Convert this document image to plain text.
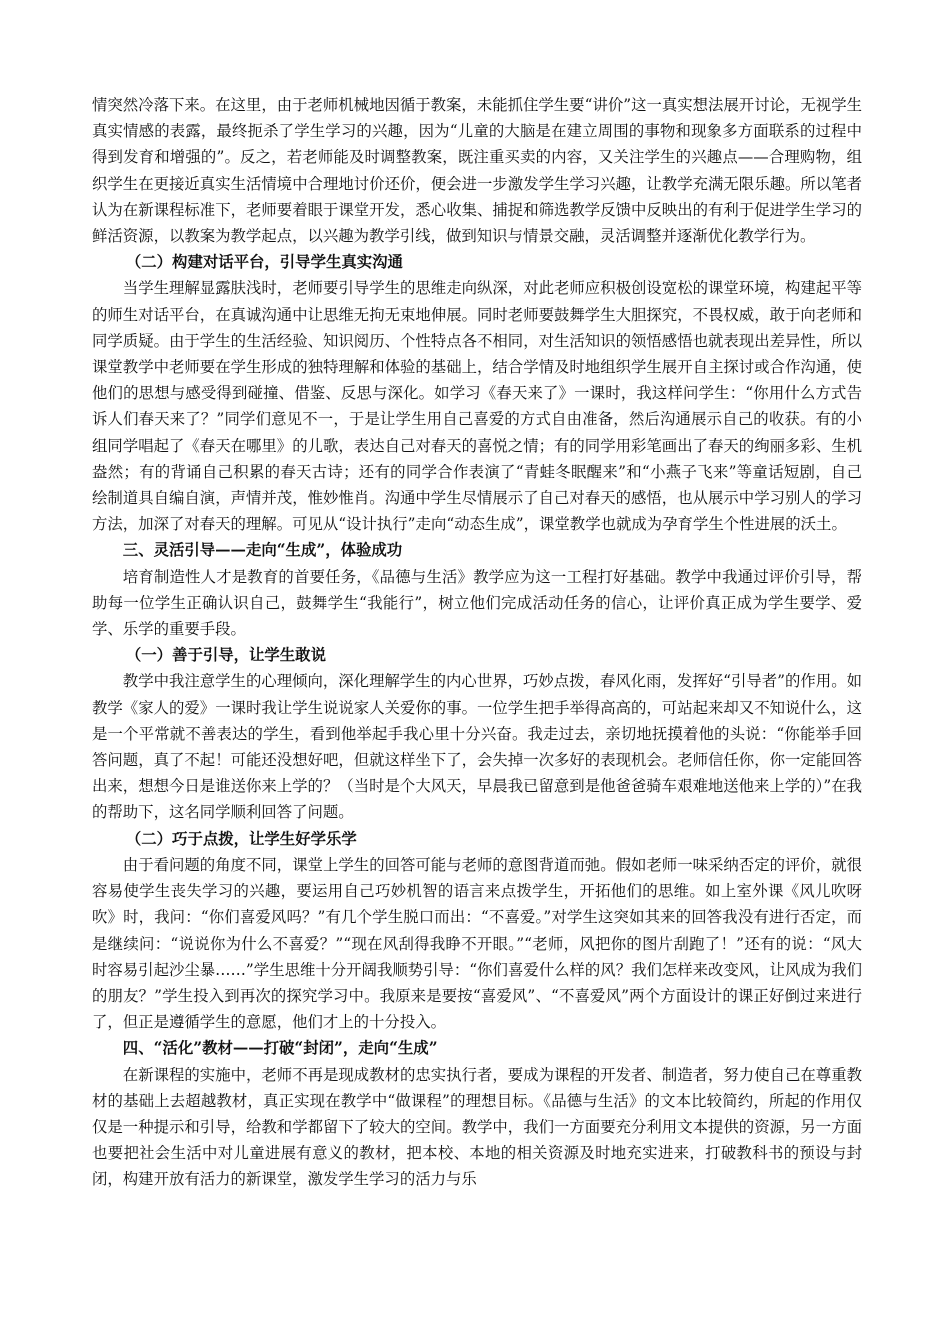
情突然冷落下来。在这里，由于老师机械地因循于教案，未能抓住学生要“讲价”这一真实想法展开讨论，无视学生真实情感的表露，最终扼杀了学生学习的兴趣，因为“儿童的大脑是在建立周围的事物和现象多方面联系的过程中得到发育和增强的”。反之，若老师能及时调整教案，既注重买卖的内容，又关注学生的兴趣点——合理购物，组织学生在更接近真实生活情境中合理地讨价还价，便会进一步激发学生学习兴趣，让教学充满无限乐趣。所以笔者认为在新课程标准下，老师要着眼于课堂开发，悉心收集、捕捉和筛选教学反馈中反映出的有利于促进学生学习的鲜活资源，以教案为教学起点，以兴趣为教学引线，做到知识与情景交融，灵活调整并逐渐优化教学行为。

（二）构建对话平台，引导学生真实沟通

当学生理解显露肤浅时，老师要引导学生的思维走向纵深，对此老师应积极创设宽松的课堂环境，构建起平等的师生对话平台，在真诚沟通中让思维无拘无束地伸展。同时老师要鼓舞学生大胆探究，不畏权威，敢于向老师和同学质疑。由于学生的生活经验、知识阅历、个性特点各不相同，对生活知识的领悟感悟也就表现出差异性，所以课堂教学中老师要在学生形成的独特理解和体验的基础上，结合学情及时地组织学生展开自主探讨或合作沟通，使他们的思想与感受得到碰撞、借鉴、反思与深化。如学习《春天来了》一课时，我这样问学生：“你用什么方式告诉人们春天来了？”同学们意见不一，于是让学生用自己喜爱的方式自由准备，然后沟通展示自己的收获。有的小组同学唱起了《春天在哪里》的儿歌，表达自己对春天的喜悦之情；有的同学用彩笔画出了春天的绚丽多彩、生机盎然；有的背诵自己积累的春天古诗；还有的同学合作表演了“青蛙冬眠醒来”和“小燕子飞来”等童话短剧，自己绘制道具自编自演，声情并茂，惟妙惟肖。沟通中学生尽情展示了自己对春天的感悟，也从展示中学习别人的学习方法，加深了对春天的理解。可见从“设计执行”走向“动态生成”，课堂教学也就成为孕育学生个性进展的沃土。

三、灵活引导——走向“生成”，体验成功

培育制造性人才是教育的首要任务，《品德与生活》教学应为这一工程打好基础。教学中我通过评价引导，帮助每一位学生正确认识自己，鼓舞学生“我能行”，树立他们完成活动任务的信心，让评价真正成为学生要学、爱学、乐学的重要手段。

（一）善于引导，让学生敢说

教学中我注意学生的心理倾向，深化理解学生的内心世界，巧妙点拨，春风化雨，发挥好“引导者”的作用。如教学《家人的爱》一课时我让学生说说家人关爱你的事。一位学生把手举得高高的，可站起来却又不知说什么，这是一个平常就不善表达的学生，看到他举起手我心里十分兴奋。我走过去，亲切地抚摸着他的头说：“你能举手回答问题，真了不起！可能还没想好吧，但就这样坐下了，会失掉一次多好的表现机会。老师信任你，你一定能回答出来，想想今日是谁送你来上学的？（当时是个大风天，早晨我已留意到是他爸爸骑车艰难地送他来上学的）”在我的帮助下，这名同学顺利回答了问题。

（二）巧于点拨，让学生好学乐学

由于看问题的角度不同，课堂上学生的回答可能与老师的意图背道而弛。假如老师一味采纳否定的评价，就很容易使学生丧失学习的兴趣，要运用自己巧妙机智的语言来点拨学生，开拓他们的思维。如上室外课《风儿吹呀吹》时，我问：“你们喜爱风吗？”有几个学生脱口而出：“不喜爱。”对学生这突如其来的回答我没有进行否定，而是继续问：“说说你为什么不喜爱？”“现在风刮得我睁不开眼。”“老师，风把你的图片刮跑了！”还有的说：“风大时容易引起沙尘暴……”学生思维十分开阔我顺势引导：“你们喜爱什么样的风？我们怎样来改变风，让风成为我们的朋友？”学生投入到再次的探究学习中。我原来是要按“喜爱风”、“不喜爱风”两个方面设计的课正好倒过来进行了，但正是遵循学生的意愿，他们才上的十分投入。

四、“活化”教材——打破“封闭”，走向“生成”

在新课程的实施中，老师不再是现成教材的忠实执行者，要成为课程的开发者、制造者，努力使自己在尊重教材的基础上去超越教材，真正实现在教学中“做课程”的理想目标。《品德与生活》的文本比较简约，所起的作用仅仅是一种提示和引导，给教和学都留下了较大的空间。教学中，我们一方面要充分利用文本提供的资源，另一方面也要把社会生活中对儿童进展有意义的教材，把本校、本地的相关资源及时地充实进来，打破教科书的预设与封闭，构建开放有活力的新课堂，激发学生学习的活力与乐
